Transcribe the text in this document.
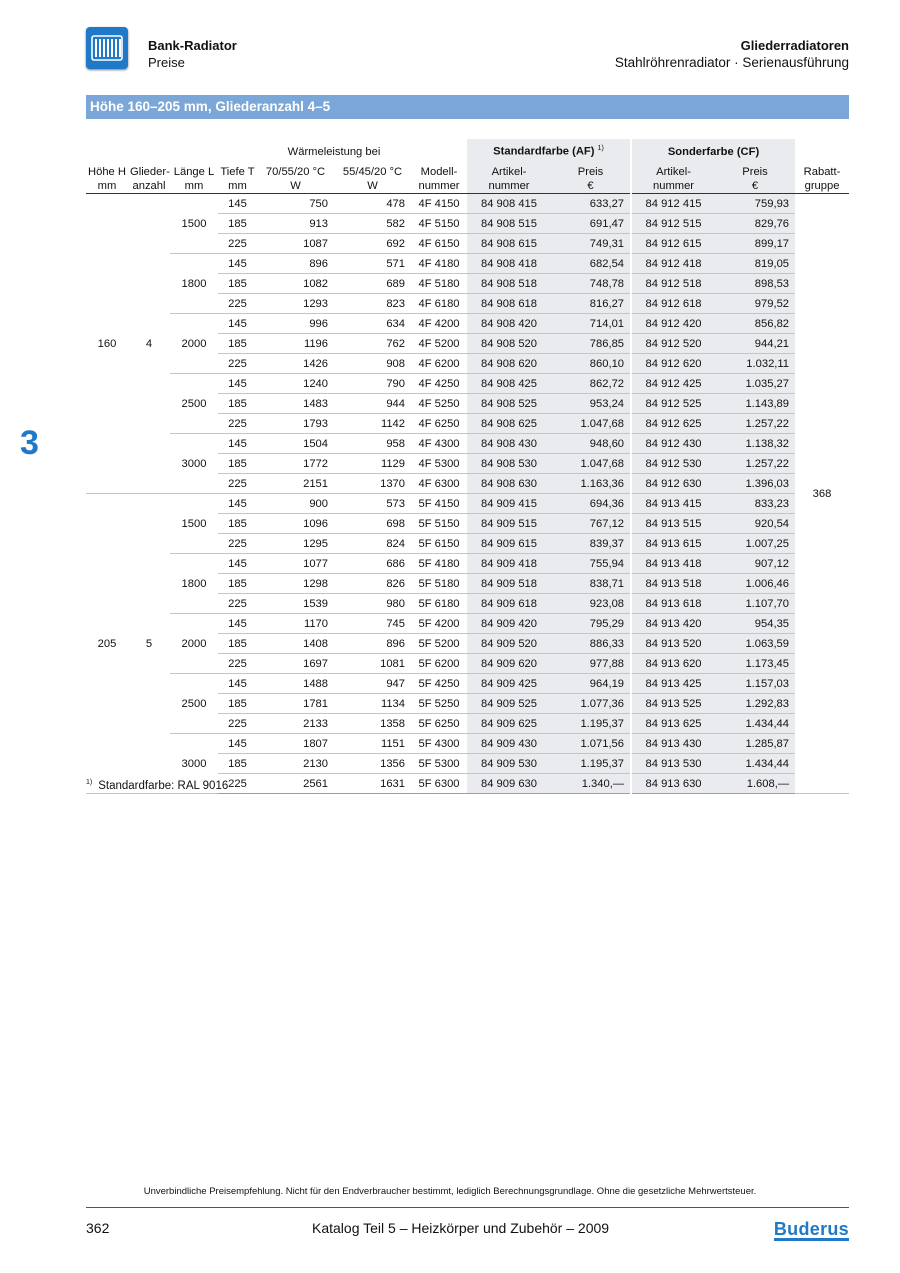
Bank-Radiator
Preise
Gliederradiatoren
Stahlröhrenradiator · Serienausführung
Höhe 160–205 mm, Gliederanzahl 4–5
3
				Wärmeleistung bei			Standardfarbe (AF) $^{1)}$		Sonderfarbe (CF)		
Höhe H
mm	Glieder-
anzahl	Länge L
mm	Tiefe T
mm	70/55/20 °C
W	55/45/20 °C
W	Modell-
nummer	Artikel-
nummer	Preis
€	Artikel-
nummer	Preis
€	Rabatt-
gruppe
160	4	1500	145	750	478	4F 4150	84 908 415	633,27	84 912 415	759,93	368
			185	913	582	4F 5150	84 908 515	691,47	84 912 515	829,76	
			225	1087	692	4F 6150	84 908 615	749,31	84 912 615	899,17	
		1800	145	896	571	4F 4180	84 908 418	682,54	84 912 418	819,05	
			185	1082	689	4F 5180	84 908 518	748,78	84 912 518	898,53	
			225	1293	823	4F 6180	84 908 618	816,27	84 912 618	979,52	
		2000	145	996	634	4F 4200	84 908 420	714,01	84 912 420	856,82	
			185	1196	762	4F 5200	84 908 520	786,85	84 912 520	944,21	
			225	1426	908	4F 6200	84 908 620	860,10	84 912 620	1.032,11	
		2500	145	1240	790	4F 4250	84 908 425	862,72	84 912 425	1.035,27	
			185	1483	944	4F 5250	84 908 525	953,24	84 912 525	1.143,89	
			225	1793	1142	4F 6250	84 908 625	1.047,68	84 912 625	1.257,22	
		3000	145	1504	958	4F 4300	84 908 430	948,60	84 912 430	1.138,32	
			185	1772	1129	4F 5300	84 908 530	1.047,68	84 912 530	1.257,22	
			225	2151	1370	4F 6300	84 908 630	1.163,36	84 912 630	1.396,03	
205	5	1500	145	900	573	5F 4150	84 909 415	694,36	84 913 415	833,23	
			185	1096	698	5F 5150	84 909 515	767,12	84 913 515	920,54	
			225	1295	824	5F 6150	84 909 615	839,37	84 913 615	1.007,25	
		1800	145	1077	686	5F 4180	84 909 418	755,94	84 913 418	907,12	
			185	1298	826	5F 5180	84 909 518	838,71	84 913 518	1.006,46	
			225	1539	980	5F 6180	84 909 618	923,08	84 913 618	1.107,70	
		2000	145	1170	745	5F 4200	84 909 420	795,29	84 913 420	954,35	
			185	1408	896	5F 5200	84 909 520	886,33	84 913 520	1.063,59	
			225	1697	1081	5F 6200	84 909 620	977,88	84 913 620	1.173,45	
		2500	145	1488	947	5F 4250	84 909 425	964,19	84 913 425	1.157,03	
			185	1781	1134	5F 5250	84 909 525	1.077,36	84 913 525	1.292,83	
			225	2133	1358	5F 6250	84 909 625	1.195,37	84 913 625	1.434,44	
		3000	145	1807	1151	5F 4300	84 909 430	1.071,56	84 913 430	1.285,87	
			185	2130	1356	5F 5300	84 909 530	1.195,37	84 913 530	1.434,44	
			225	2561	1631	5F 6300	84 909 630	1.340,—	84 913 630	1.608,—	
$^{1)}$ Standardfarbe: RAL 9016
Unverbindliche Preisempfehlung. Nicht für den Endverbraucher bestimmt, lediglich Berechnungsgrundlage. Ohne die gesetzliche Mehrwertsteuer.
362	Katalog Teil 5 – Heizkörper und Zubehör – 2009	Buderus
